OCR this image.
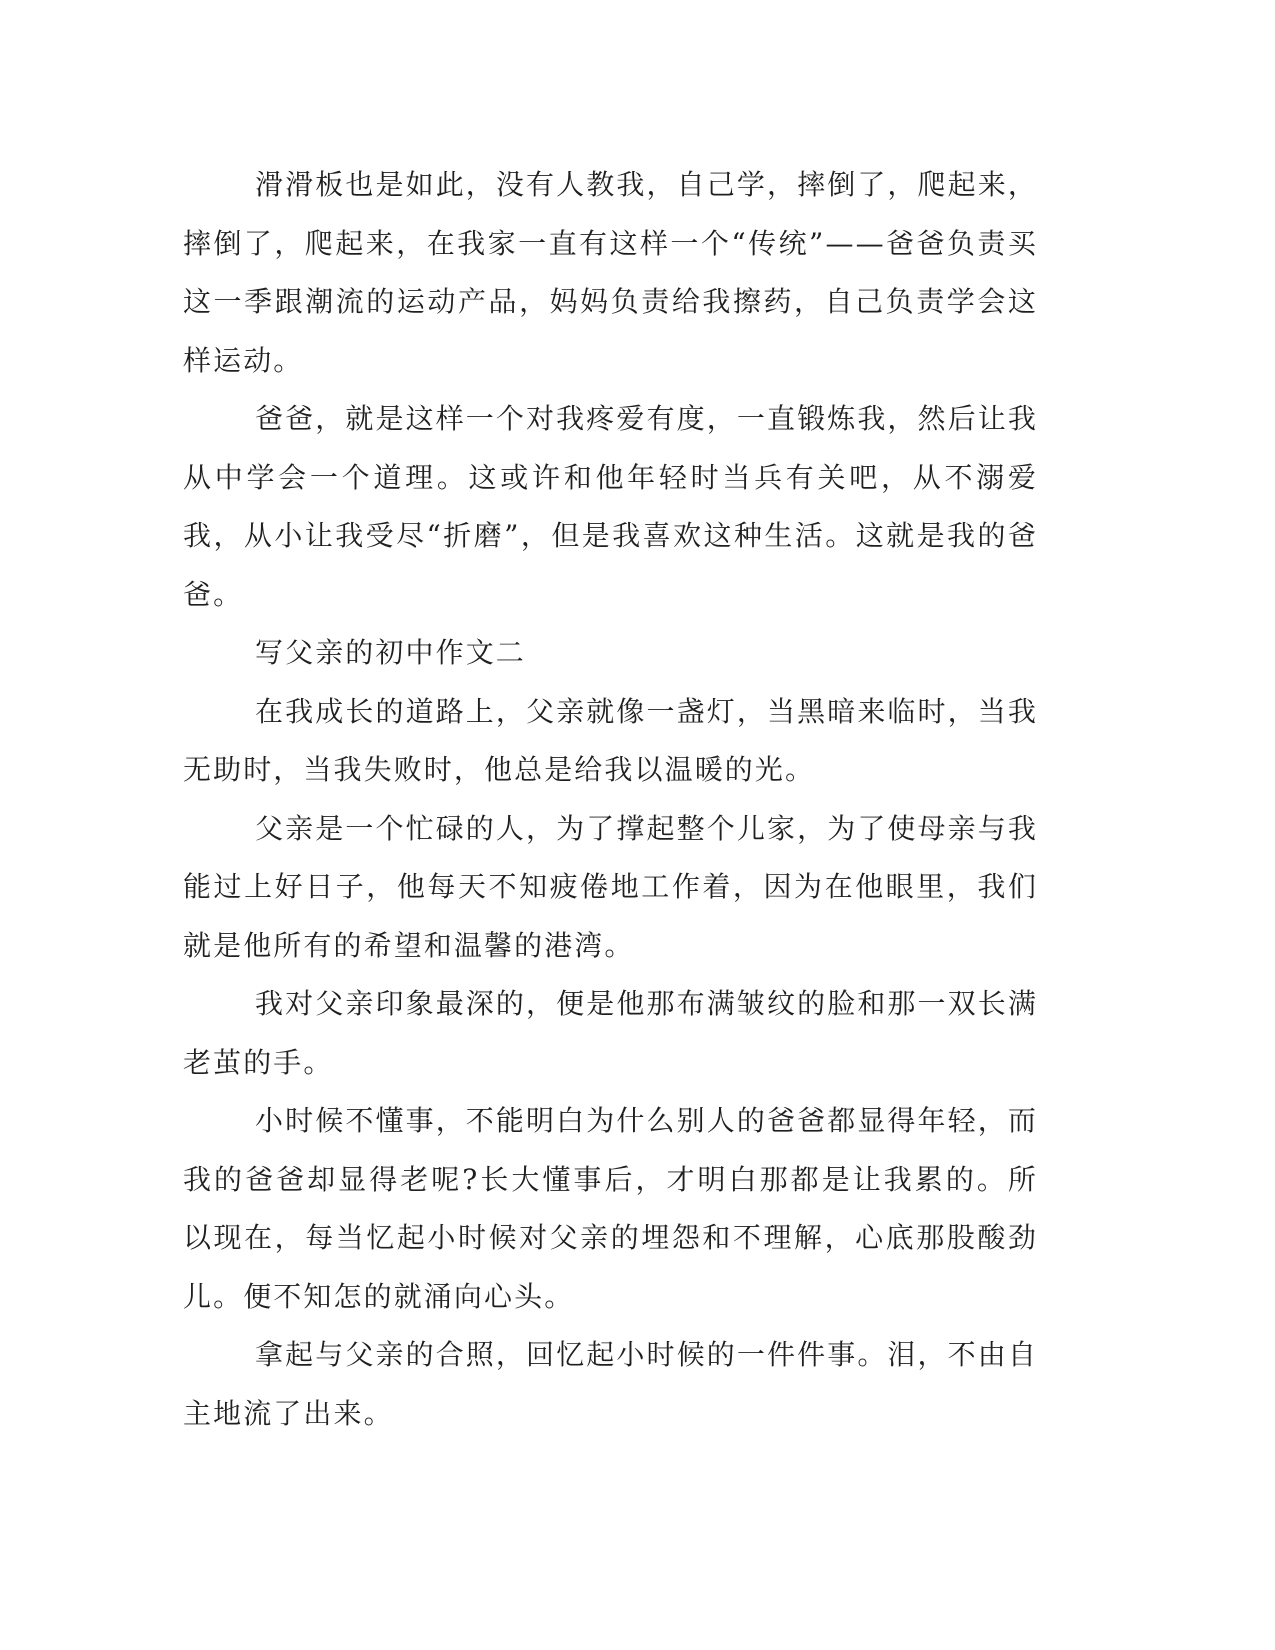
滑滑板也是如此，没有人教我，自己学，摔倒了，爬起来，摔倒了，爬起来，在我家一直有这样一个“传统”——爸爸负责买这一季跟潮流的运动产品，妈妈负责给我擦药，自己负责学会这样运动。

爸爸，就是这样一个对我疼爱有度，一直锻炼我，然后让我从中学会一个道理。这或许和他年轻时当兵有关吧，从不溺爱我，从小让我受尽“折磨”，但是我喜欢这种生活。这就是我的爸爸。

写父亲的初中作文二

在我成长的道路上，父亲就像一盏灯，当黑暗来临时，当我无助时，当我失败时，他总是给我以温暖的光。

父亲是一个忙碌的人，为了撑起整个儿家，为了使母亲与我能过上好日子，他每天不知疲倦地工作着，因为在他眼里，我们就是他所有的希望和温馨的港湾。

我对父亲印象最深的，便是他那布满皱纹的脸和那一双长满老茧的手。

小时候不懂事，不能明白为什么别人的爸爸都显得年轻，而我的爸爸却显得老呢?长大懂事后，才明白那都是让我累的。所以现在，每当忆起小时候对父亲的埋怨和不理解，心底那股酸劲儿。便不知怎的就涌向心头。

拿起与父亲的合照，回忆起小时候的一件件事。泪，不由自主地流了出来。
